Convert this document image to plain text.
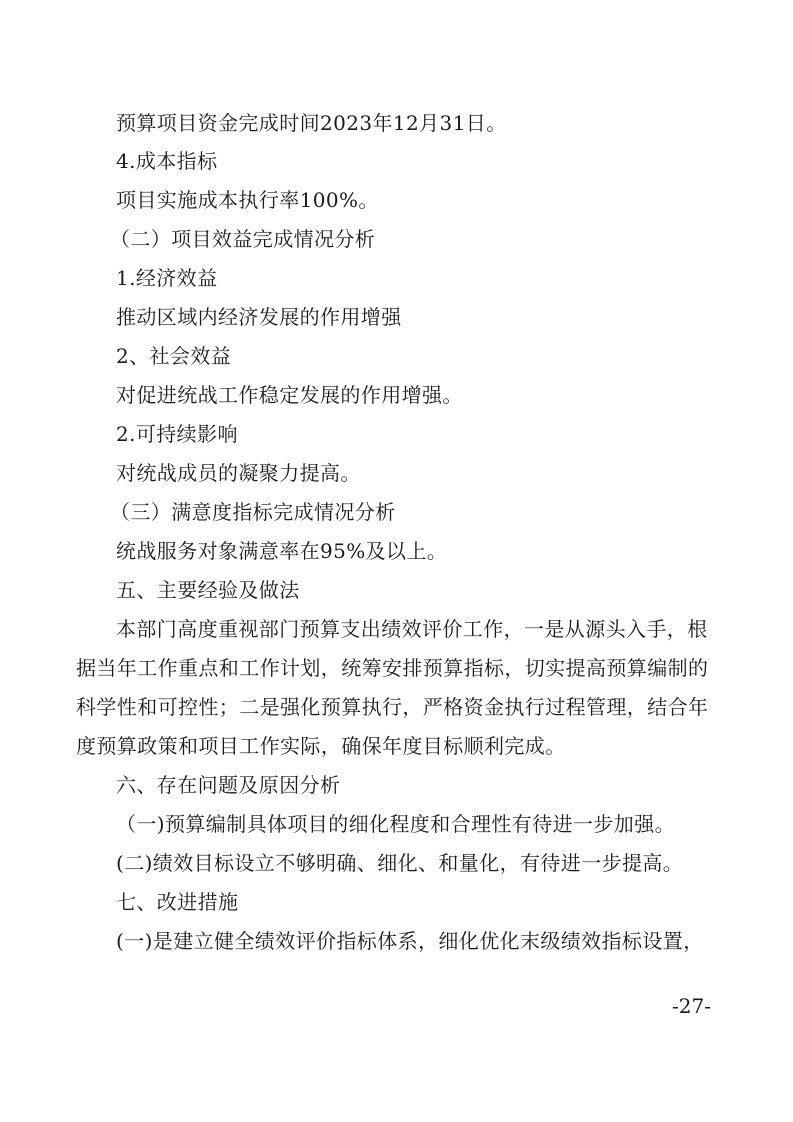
预算项目资金完成时间2023年12月31日。
4.成本指标
项目实施成本执行率100%。
（二）项目效益完成情况分析
1.经济效益
推动区域内经济发展的作用增强
2、社会效益
对促进统战工作稳定发展的作用增强。
2.可持续影响
对统战成员的凝聚力提高。
（三）满意度指标完成情况分析
统战服务对象满意率在95%及以上。
五、主要经验及做法
本部门高度重视部门预算支出绩效评价工作，一是从源头入手，根
据当年工作重点和工作计划，统筹安排预算指标，切实提高预算编制的
科学性和可控性；二是强化预算执行，严格资金执行过程管理，结合年
度预算政策和项目工作实际，确保年度目标顺利完成。
六、存在问题及原因分析
（一)预算编制具体项目的细化程度和合理性有待进一步加强。
(二)绩效目标设立不够明确、细化、和量化，有待进一步提高。
七、改进措施
(一)是建立健全绩效评价指标体系，细化优化末级绩效指标设置，
-27-
